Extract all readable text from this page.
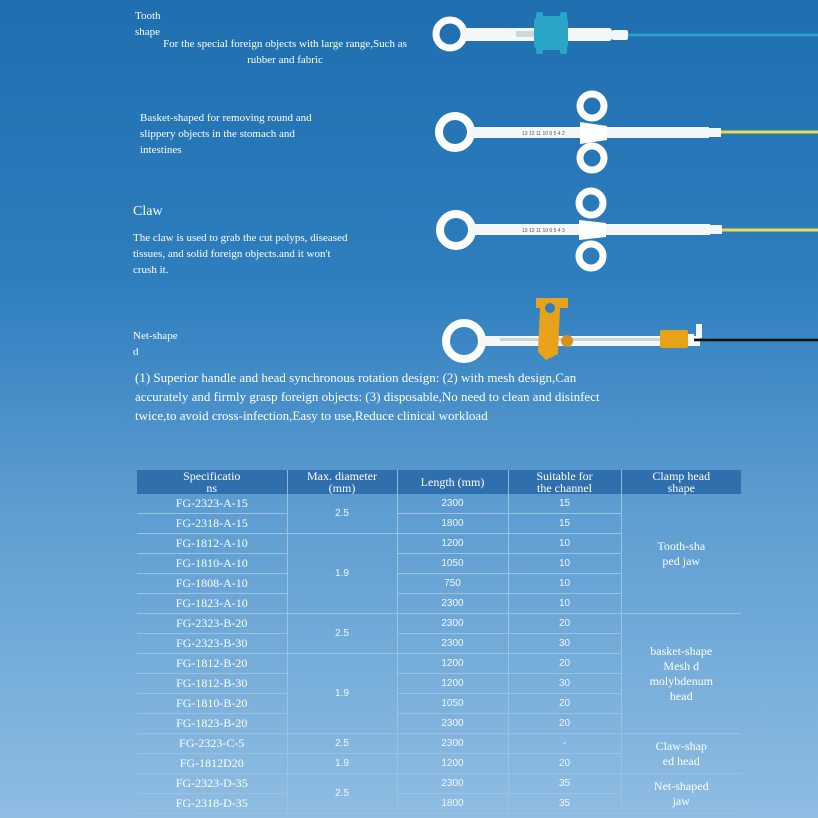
Tooth
shape
For the special foreign objects with large range,Such as
rubber and fabric
Basket-shaped for removing round and
slippery objects in the stomach and
intestines
13 12 11 10 9 5 4 2
Claw
The claw is used to grab the cut polyps, diseased
tissues, and solid foreign objects.and it won't
crush it.
13 12 11 10 9 5 4 3
Net-shape
d
(1) Superior handle and head synchronous rotation design: (2) with mesh design,Can
accurately and firmly grasp foreign objects: (3) disposable,No need to clean and disinfect
twice,to avoid cross-infection,Easy to use,Reduce clinical workload
Specificatio
ns	Max. diameter
(mm)	Length (mm)	Suitable for
the channel	Clamp head
shape
FG-2323-A-15	2.5	2300	15	Tooth-sha
ped jaw
FG-2318-A-15		1800	15	
FG-1812-A-10	1.9	1200	10	
FG-1810-A-10		1050	10	
FG-1808-A-10		750	10	
FG-1823-A-10		2300	10	
FG-2323-B-20	2.5	2300	20	basket-shape
Mesh d
molybdenum
head
FG-2323-B-30		2300	30	
FG-1812-B-20	1.9	1200	20	
FG-1812-B-30		1200	30	
FG-1810-B-20		1050	20	
FG-1823-B-20		2300	20	
FG-2323-C-5	2.5	2300	-	Claw-shap
ed head
FG-1812D20	1.9	1200	20	
FG-2323-D-35	2.5	2300	35	Net-shaped
jaw
FG-2318-D-35		1800	35	
